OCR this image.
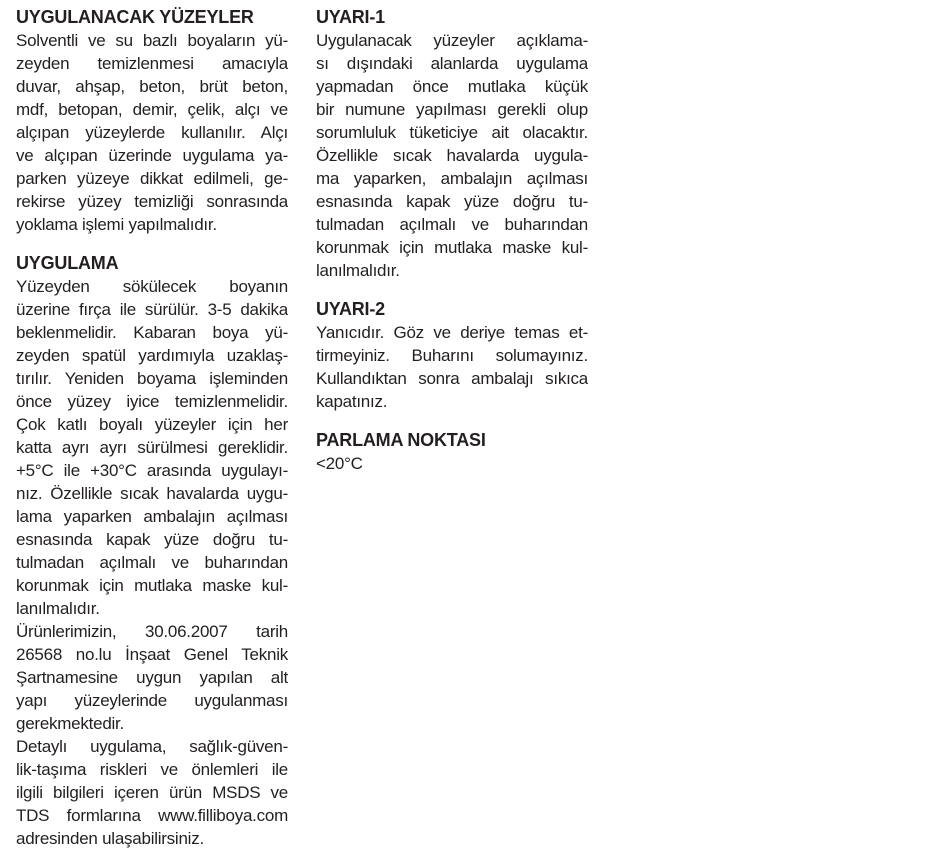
UYGULANACAK YÜZEYLER
Solventli ve su bazlı boyaların yü-
zeyden temizlenmesi amacıyla
duvar, ahşap, beton, brüt beton,
mdf, betopan, demir, çelik, alçı ve
alçıpan yüzeylerde kullanılır. Alçı
ve alçıpan üzerinde uygulama ya-
parken yüzeye dikkat edilmeli, ge-
rekirse yüzey temizliği sonrasında
yoklama işlemi yapılmalıdır.
UYGULAMA
Yüzeyden sökülecek boyanın
üzerine fırça ile sürülür. 3-5 dakika
beklenmelidir. Kabaran boya yü-
zeyden spatül yardımıyla uzaklaş-
tırılır. Yeniden boyama işleminden
önce yüzey iyice temizlenmelidir.
Çok katlı boyalı yüzeyler için her
katta ayrı ayrı sürülmesi gereklidir.
+5°C ile +30°C arasında uygulayı-
nız. Özellikle sıcak havalarda uygu-
lama yaparken ambalajın açılması
esnasında kapak yüze doğru tu-
tulmadan açılmalı ve buharından
korunmak için mutlaka maske kul-
lanılmalıdır.
Ürünlerimizin, 30.06.2007 tarih
26568 no.lu İnşaat Genel Teknik
Şartnamesine uygun yapılan alt
yapı yüzeylerinde uygulanması
gerekmektedir.
Detaylı uygulama, sağlık-güven-
lik-taşıma riskleri ve önlemleri ile
ilgili bilgileri içeren ürün MSDS ve
TDS formlarına www.filliboya.com
adresinden ulaşabilirsiniz.
UYARI-1
Uygulanacak yüzeyler açıklama-
sı dışındaki alanlarda uygulama
yapmadan önce mutlaka küçük
bir numune yapılması gerekli olup
sorumluluk tüketiciye ait olacaktır.
Özellikle sıcak havalarda uygula-
ma yaparken, ambalajın açılması
esnasında kapak yüze doğru tu-
tulmadan açılmalı ve buharından
korunmak için mutlaka maske kul-
lanılmalıdır.
UYARI-2
Yanıcıdır. Göz ve deriye temas et-
tirmeyiniz. Buharını solumayınız.
Kullandıktan sonra ambalajı sıkıca
kapatınız.
PARLAMA NOKTASI
<20°C
